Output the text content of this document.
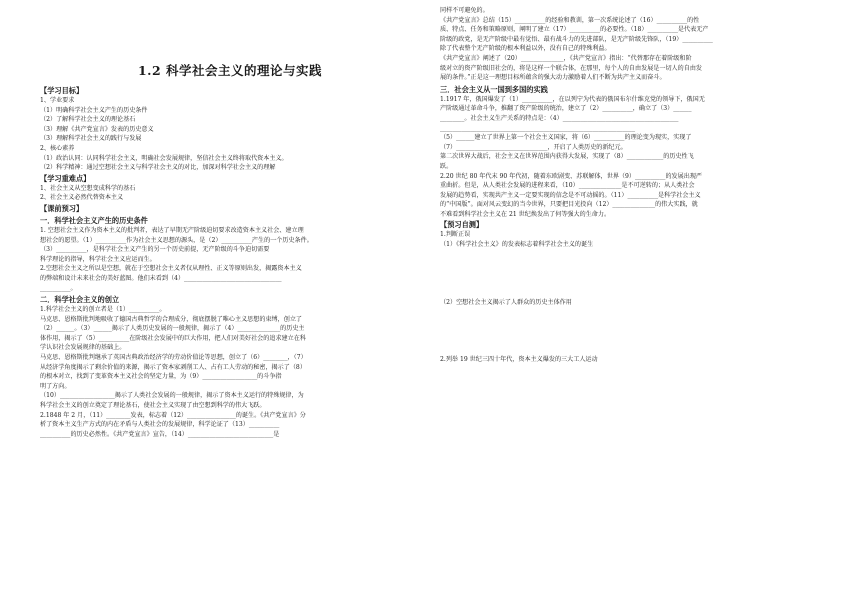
1.2 科学社会主义的理论与实践
【学习目标】
1、学业要求
（1）明确科学社会主义产生的历史条件
（2）了解科学社会主义的理论基石
（3）理解《共产党宣言》发表的历史意义
（3）理解科学社会主义的践行与发展
2、核心素养
（1）政治认同：认同科学社会主义，明确社会发展规律，坚信社会主义终将取代资本主义。
（2）科学精神：通过空想社会主义与科学社会主义的对比，加深对科学社会主义的理解
【学习重难点】
1、社会主义从空想变成科学的基石
2、社会主义必然代替资本主义
【课前预习】
一．科学社会主义产生的历史条件
1. 空想社会主义作为资本主义的批判者，表达了早期无产阶级迫切要求改造资本主义社会、建立理
想社会的愿望。（1）__________作为社会主义思想的源头，是（2）__________产生的一个历史条件。
（3）__________，是科学社会主义产生的另一个历史前提，无产阶级的斗争迫切需要
科学理论的指导，科学社会主义应运而生。
2.空想社会主义之所以是空想，就在于空想社会主义者仅从理性、正义等原则出发，揭露资本主义
的弊端和设计未来社会的美好蓝图。他们未看到（4）________________________________
__________。
二．科学社会主义的创立
1.科学社会主义的创立者是（1）__________。
马克思、恩格斯批判地吸收了德国古典哲学的合理成分，彻底摆脱了唯心主义思想的束缚，创立了
（2）______。（3）______揭示了人类历史发展的一般规律，揭示了（4）______________的历史主
体作用，揭示了（5）__________在阶级社会发展中的巨大作用，把人们对美好社会的追求建立在科
学认识社会发展规律的基础上。
马克思、恩格斯批判继承了英国古典政治经济学的劳动价值论等思想，创立了（6）________，（7）
从经济学角度揭示了剩余价值的来源，揭示了资本家剥削工人、占有工人劳动的秘密，揭示了（8）
的根本对立，找到了变革资本主义社会的坚定力量，为（9）__________________的斗争指
明了方向。
（10）__________________揭示了人类社会发展的一般规律，揭示了资本主义运行的特殊规律，为
科学社会主义的创立奠定了理论基石，使社会主义实现了由空想到科学的伟大飞跃。
2.1848 年 2 月，（11）________发表，标志着（12）________________的诞生。《共产党宣言》分
析了资本主义生产方式的内在矛盾与人类社会的发展规律，科学论证了（13）__________
__________的历史必然性。《共产党宣言》宣告，（14）____________________________是
同样不可避免的。
《共产党宣言》总结（15）__________的经验和教训，第一次系统论述了（16）__________的性
质、特点、任务和策略原则，阐明了建立（17）__________的必要性。（18）__________是代表无产
阶级的政党，是无产阶级中最有觉悟、最有战斗力的先进部队，是无产阶级先锋队，（19）__________
除了代表整个无产阶级的根本利益以外，没有自己的特殊利益。
《共产党宣言》阐述了（20）______________，《共产党宣言》指出：“代替那存在着阶级和阶
级对立的资产阶级旧社会的，将是这样一个联合体，在那里，每个人的自由发展是一切人的自由发
展的条件。”正是这一理想目标所蕴含的强大动力激励着人们不断为共产主义而奋斗。
三．社会主义从一国到多国的实践
1.1917 年，俄国爆发了（1）__________，在以列宁为代表的俄国布尔什维克党的领导下，俄国无
产阶级通过革命斗争，推翻了资产阶级的统治，建立了（2）__________，确立了（3）______
________。社会主义生产关系的特点是：（4）______________________________________
________________________________________________________________
（5）______建立了世界上第一个社会主义国家，将（6）__________的理论变为现实，实现了
（7）______________________________，开启了人类历史的新纪元。
第二次世界大战后，社会主义在世界范围内获得大发展，实现了（8）____________的历史性飞
跃。
2.20 世纪 80 年代末 90 年代初，随着东欧剧变、苏联解体，世界（9）__________的发展出现严
重曲折。但是，从人类社会发展的进程来看，（10）______________是不可逆转的；从人类社会
发展的趋势看，实现共产主义一定要实现的信念是不可动摇的。（11）__________是科学社会主义
的“中国版”。面对风云变幻的当今世界，只要把目光投向（12）______________的伟大实践，就
不难看到科学社会主义在 21 世纪焕发出了何等强大的生命力。
【预习自测】
1.判断正误
（1）《科学社会主义》的发表标志着科学社会主义的诞生
（2）空想社会主义揭示了人群众的历史主体作用
2.列举 19 世纪三四十年代，资本主义爆发的三大工人运动
